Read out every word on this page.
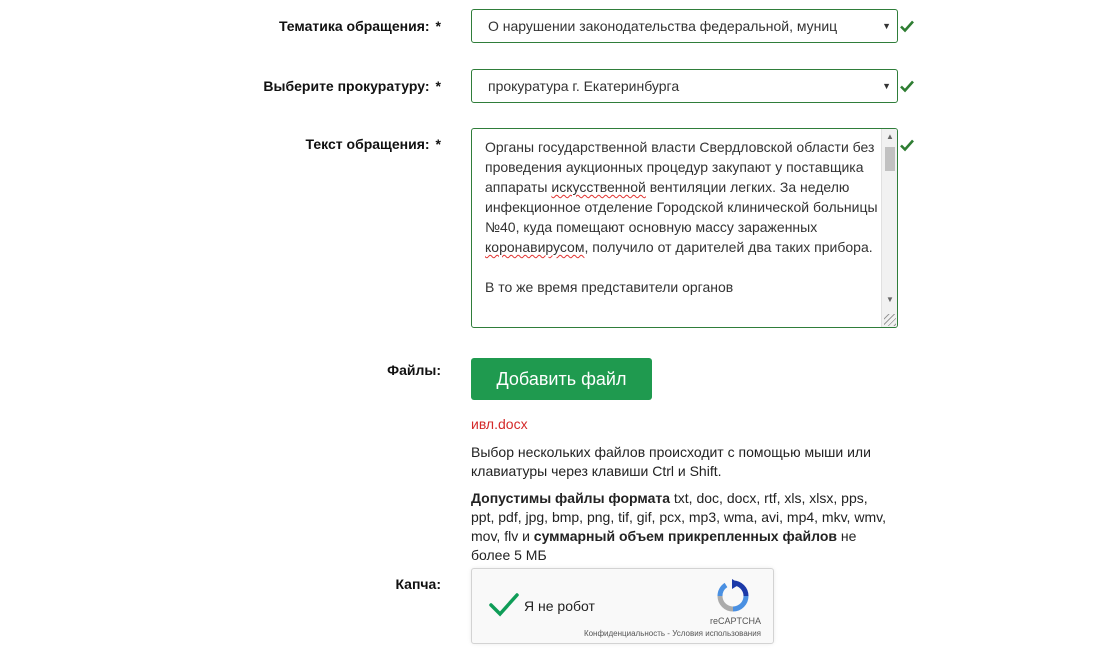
Тематика обращения: *	О нарушении законодательства федеральной, муниц	▼
Выберите прокуратуру: *	прокуратура г. Екатеринбурга	▼
Текст обращения: *	Органы государственной власти Свердловской области без проведения аукционных процедур закупают у поставщика аппараты искусственной вентиляции легких. За неделю инфекционное отделение Городской клинической больницы №40, куда помещают основную массу зараженных коронавирусом, получило от дарителей два таких прибора.
В то же время представители органов
▲
▼
Файлы:	Добавить файл
ивл.docx
Выбор нескольких файлов происходит с помощью мыши или клавиатуры через клавиши Ctrl и Shift.
Допустимы файлы формата txt, doc, docx, rtf, xls, xlsx, pps, ppt, pdf, jpg, bmp, png, tif, gif, pcx, mp3, wma, avi, mp4, mkv, wmv, mov, flv и суммарный объем прикрепленных файлов не более 5 МБ
Капча:
Я не робот
reCAPTCHA
Конфиденциальность - Условия использования
